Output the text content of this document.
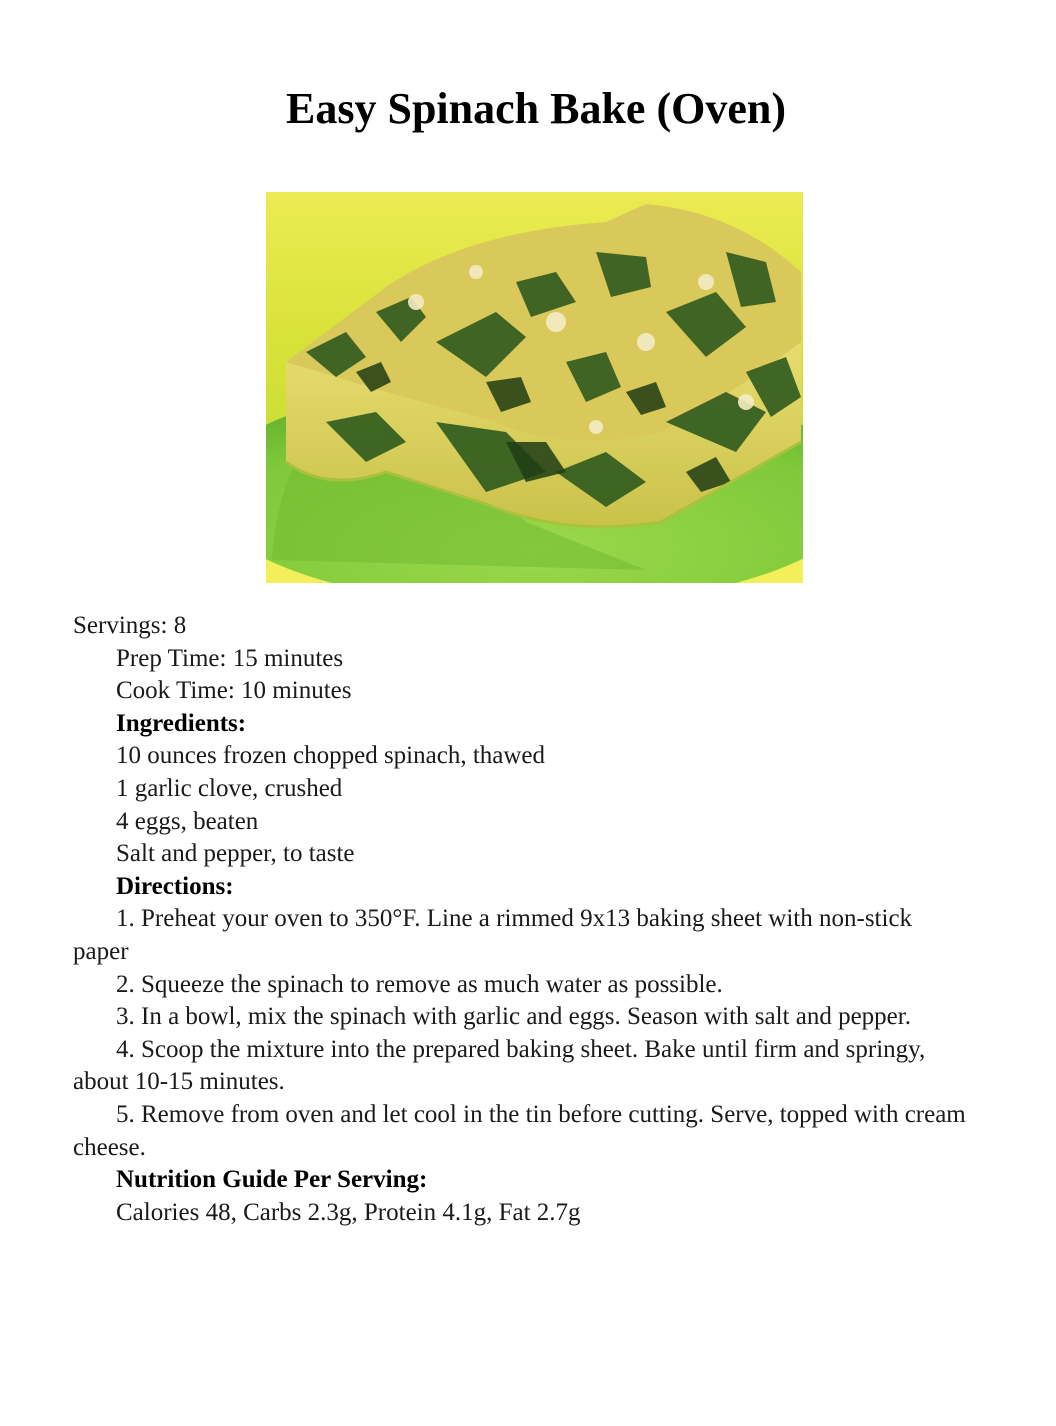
Easy Spinach Bake (Oven)
Servings: 8
Prep Time: 15 minutes
Cook Time: 10 minutes
Ingredients:
10 ounces frozen chopped spinach, thawed
1 garlic clove, crushed
4 eggs, beaten
Salt and pepper, to taste
Directions:
1. Preheat your oven to 350°F. Line a rimmed 9x13 baking sheet with non-stick paper
2. Squeeze the spinach to remove as much water as possible.
3. In a bowl, mix the spinach with garlic and eggs. Season with salt and pepper.
4. Scoop the mixture into the prepared baking sheet. Bake until firm and springy, about 10-15 minutes.
5. Remove from oven and let cool in the tin before cutting. Serve, topped with cream cheese.
Nutrition Guide Per Serving:
Calories 48, Carbs 2.3g, Protein 4.1g, Fat 2.7g
